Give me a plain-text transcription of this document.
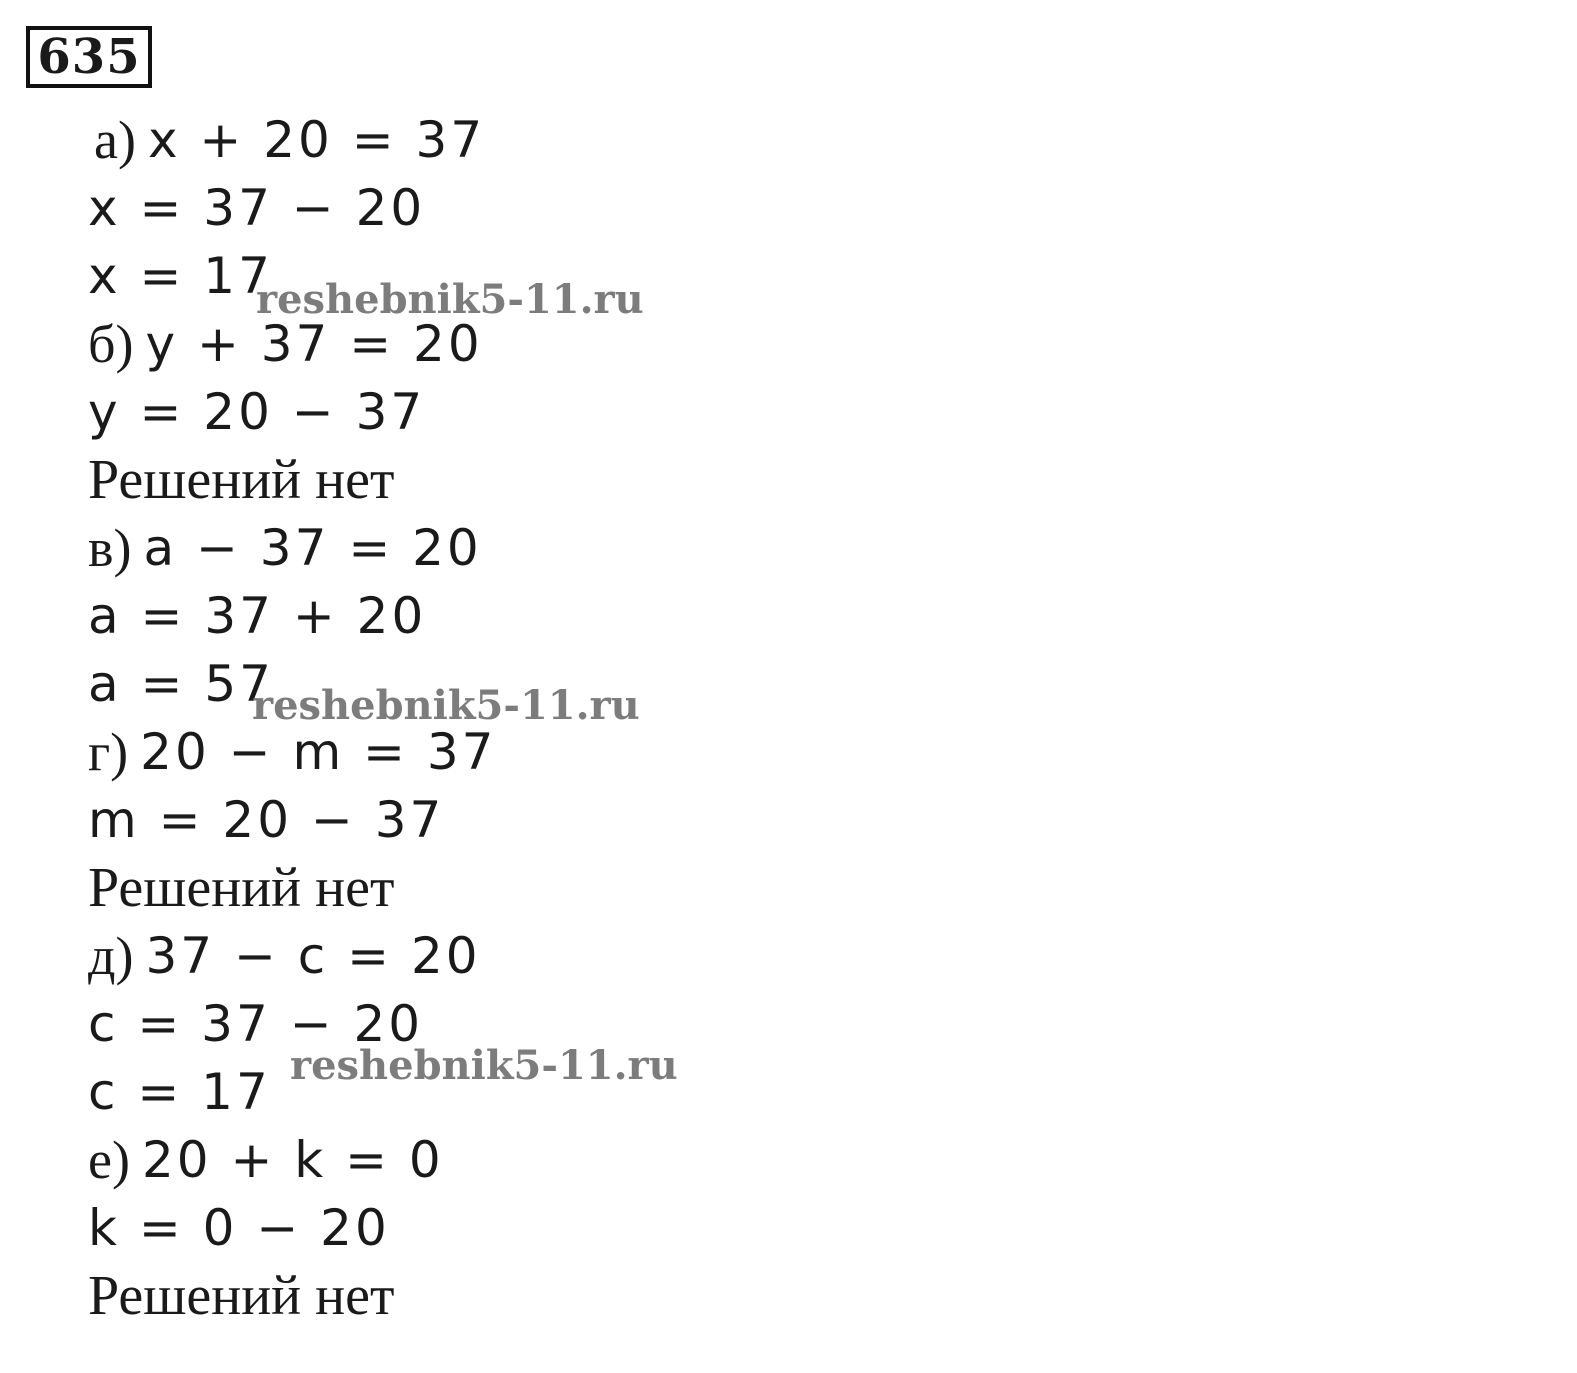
635
а) x + 20 = 37
x = 37 − 20
x = 17
б) y + 37 = 20
y = 20 − 37
Решений нет
в) a − 37 = 20
a = 37 + 20
a = 57
г) 20 − m = 37
m = 20 − 37
Решений нет
д) 37 − c = 20
c = 37 − 20
c = 17
е) 20 + k = 0
k = 0 − 20
Решений нет
reshebnik5-11.ru
reshebnik5-11.ru
reshebnik5-11.ru
